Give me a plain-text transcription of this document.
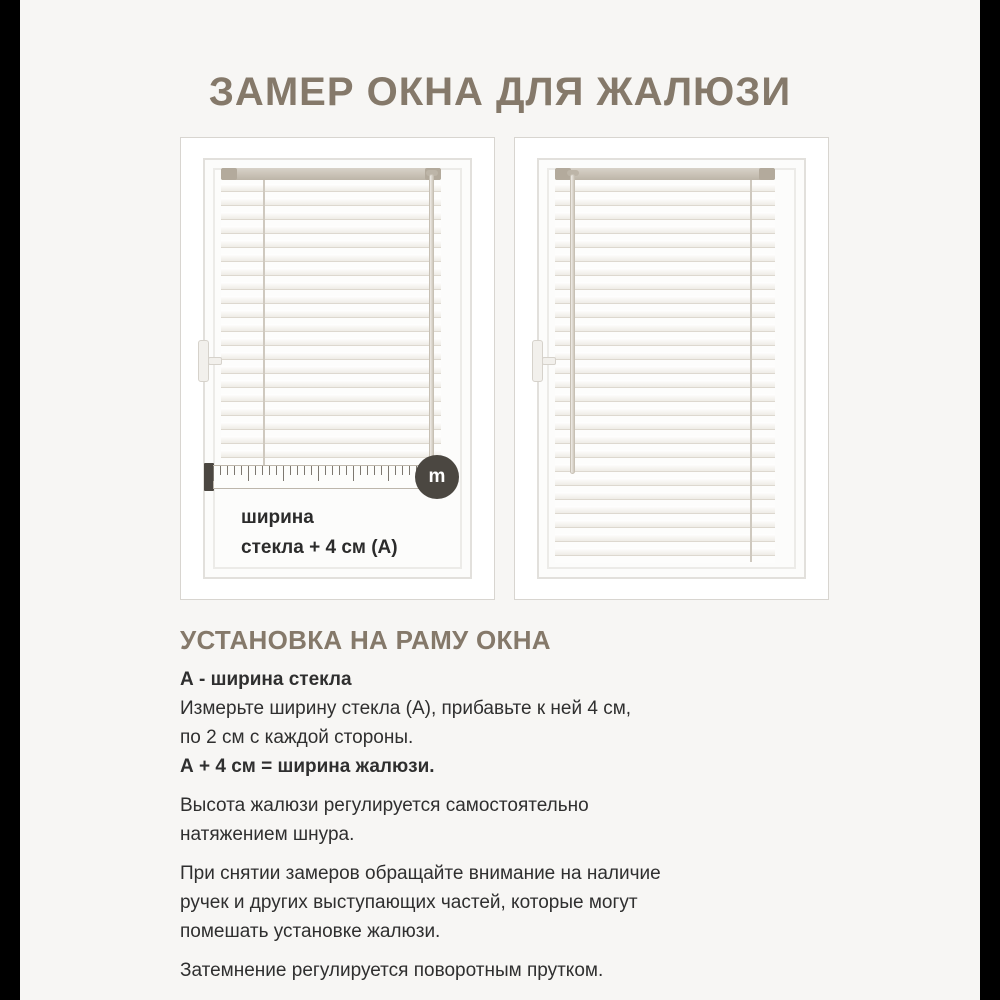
ЗАМЕР ОКНА ДЛЯ ЖАЛЮЗИ
m
ширина
стекла + 4 см (А)
УСТАНОВКА НА РАМУ ОКНА

А - ширина стекла

Измерьте ширину стекла (А), прибавьте к ней 4 см,

по 2 см с каждой стороны.

А + 4 см = ширина жалюзи.

Высота жалюзи регулируется самостоятельно

натяжением шнура.

При снятии замеров обращайте внимание на наличие

ручек и других выступающих частей, которые могут

помешать установке жалюзи.

Затемнение регулируется поворотным прутком.
